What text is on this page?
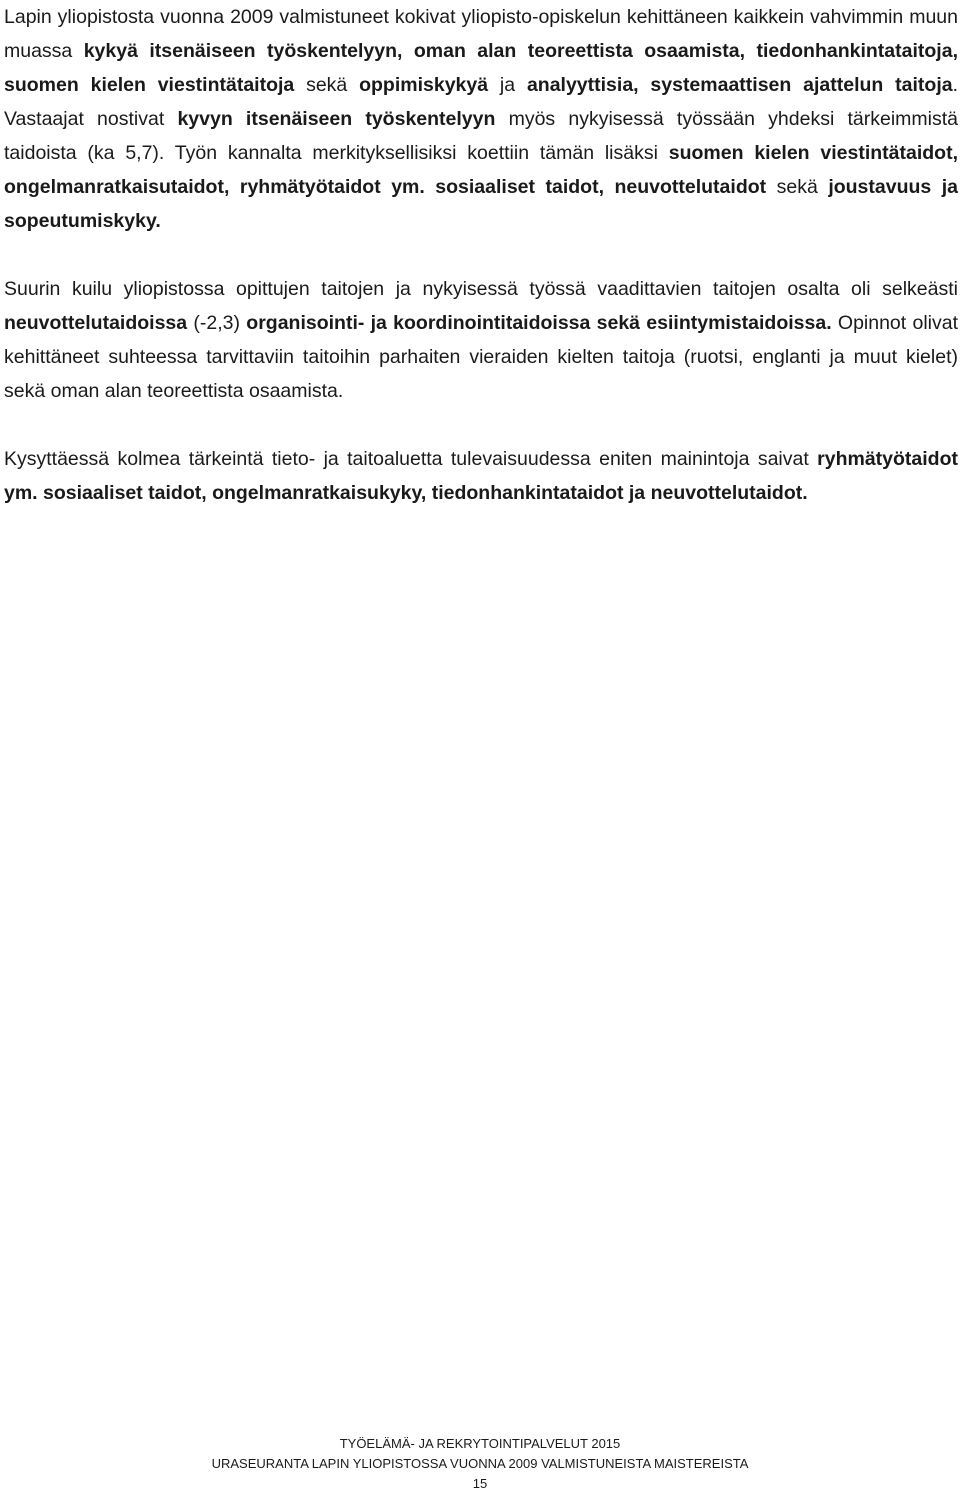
Lapin yliopistosta vuonna 2009 valmistuneet kokivat yliopisto-opiskelun kehittäneen kaikkein vahvimmin muun muassa kykyä itsenäiseen työskentelyyn, oman alan teoreettista osaamista, tiedonhankintataitoja, suomen kielen viestintätaitoja sekä oppimiskykyä ja analyyttisia, systemaattisen ajattelun taitoja. Vastaajat nostivat kyvyn itsenäiseen työskentelyyn myös nykyisessä työssään yhdeksi tärkeimmistä taidoista (ka 5,7). Työn kannalta merkityksellisiksi koettiin tämän lisäksi suomen kielen viestintätaidot, ongelmanratkaisutaidot, ryhmätyötaidot ym. sosiaaliset taidot, neuvottelutaidot sekä joustavuus ja sopeutumiskyky.

Suurin kuilu yliopistossa opittujen taitojen ja nykyisessä työssä vaadittavien taitojen osalta oli selkeästi neuvottelutaidoissa (-2,3) organisointi- ja koordinointitaidoissa sekä esiintymistaidoissa. Opinnot olivat kehittäneet suhteessa tarvittaviin taitoihin parhaiten vieraiden kielten taitoja (ruotsi, englanti ja muut kielet) sekä oman alan teoreettista osaamista.

Kysyttäessä kolmea tärkeintä tieto- ja taitoaluetta tulevaisuudessa eniten mainintoja saivat ryhmätyötaidot ym. sosiaaliset taidot, ongelmanratkaisukyky, tiedonhankintataidot ja neuvottelutaidot.

TYÖELÄMÄ- JA REKRYTOINTIPALVELUT 2015
URASEURANTA LAPIN YLIOPISTOSSA VUONNA 2009 VALMISTUNEISTA MAISTEREISTA
15
